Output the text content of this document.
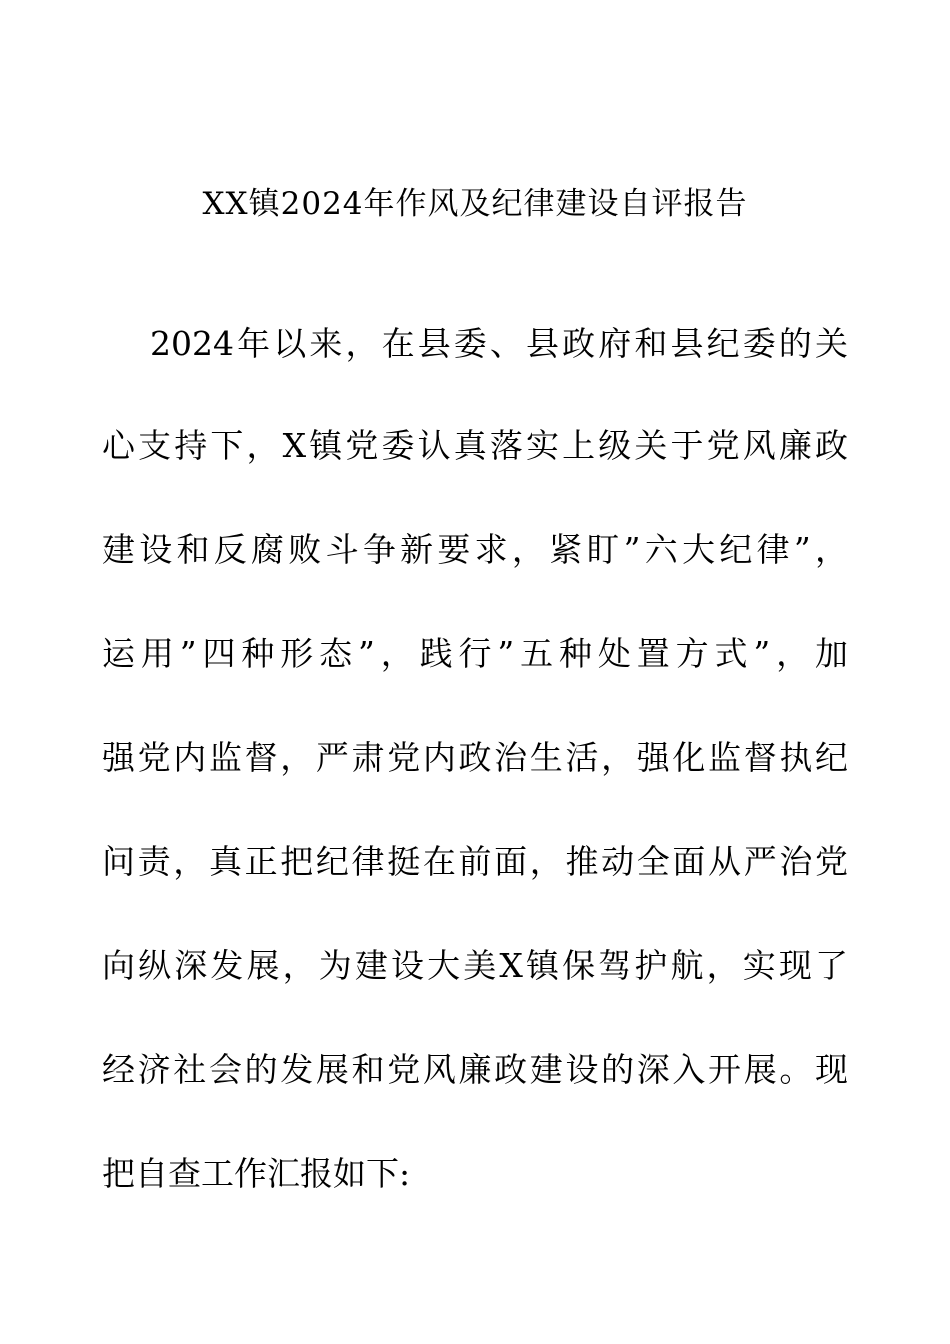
XX镇2024年作风及纪律建设自评报告
2024年以来，在县委、县政府和县纪委的关
心支持下，X镇党委认真落实上级关于党风廉政
建设和反腐败斗争新要求，紧盯”六大纪律”，
运用”四种形态”，践行”五种处置方式”，加
强党内监督，严肃党内政治生活，强化监督执纪
问责，真正把纪律挺在前面，推动全面从严治党
向纵深发展，为建设大美X镇保驾护航，实现了
经济社会的发展和党风廉政建设的深入开展。现
把自查工作汇报如下:
